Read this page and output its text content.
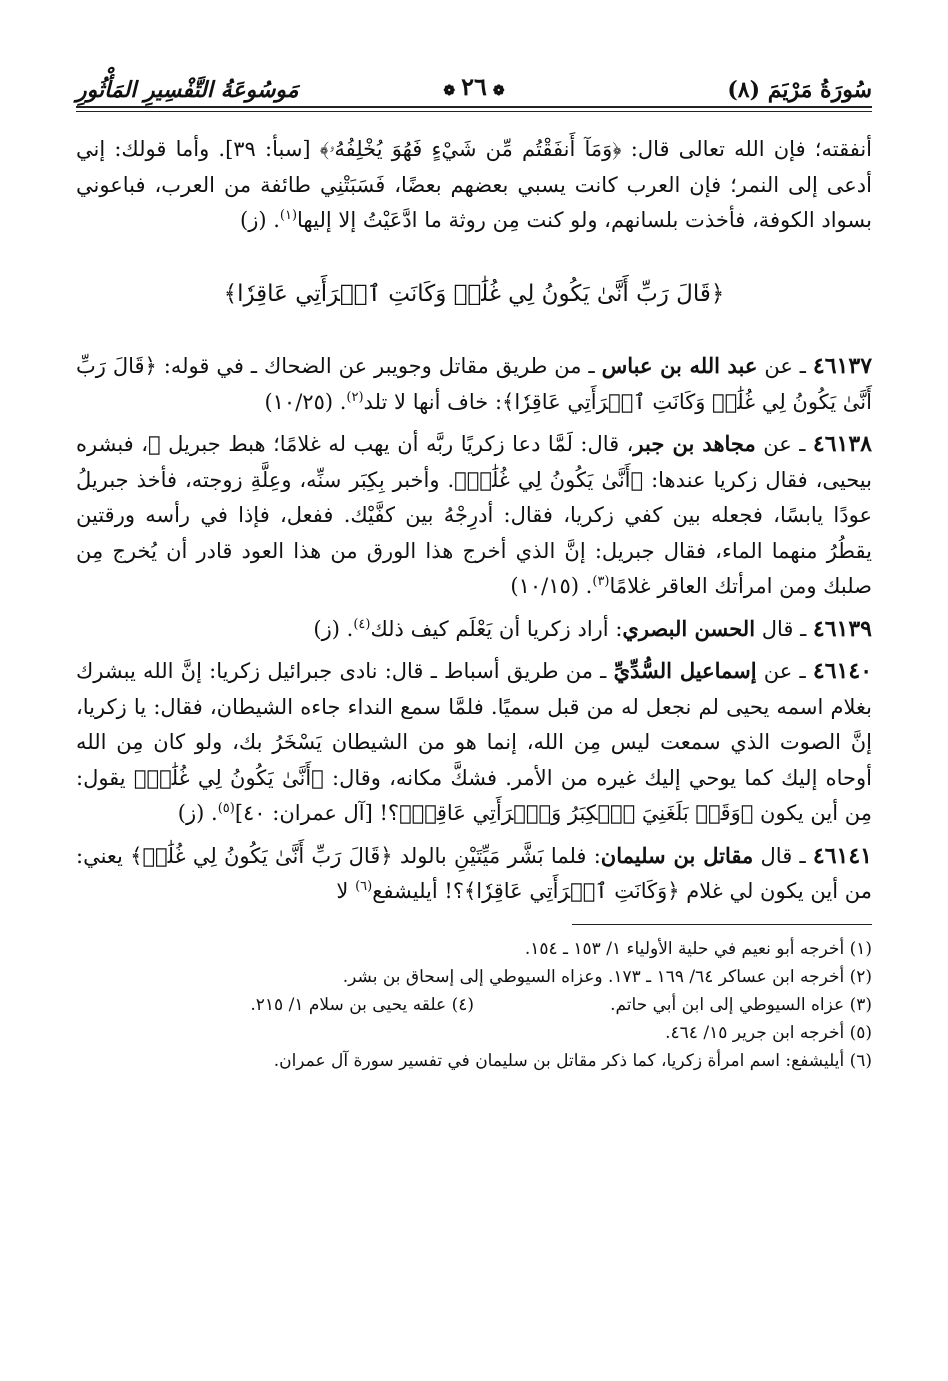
سُورَةُ مَرْيَمَ (٨)
❁٢٦❁
مَوسُوعَةُ التَّفْسِيرِ المَأْثُورِ

أنفقته؛ فإن الله تعالى قال: ﴿وَمَآ أَنفَقْتُم مِّن شَيْءٍ فَهُوَ يُخْلِفُهُۥ﴾ [سبأ: ٣٩]. وأما قولك: إني أدعى إلى النمر؛ فإن العرب كانت يسبي بعضهم بعضًا، فَسَبَتْنِي طائفة من العرب، فباعوني بسواد الكوفة، فأخذت بلسانهم، ولو كنت مِن روثة ما ادَّعَيْتُ إلا إليها$^{(١)}$. (ز)

﴿قَالَ رَبِّ أَنَّىٰ يَكُونُ لِي غُلَٰمٞ وَكَانَتِ ٱمۡرَأَتِي عَاقِرٗا﴾

٤٦١٣٧ ـ عن عبد الله بن عباس ـ من طريق مقاتل وجويبر عن الضحاك ـ في قوله: ﴿قَالَ رَبِّ أَنَّىٰ يَكُونُ لِي غُلَٰمٞ وَكَانَتِ ٱمۡرَأَتِي عَاقِرٗا﴾: خاف أنها لا تلد$^{(٢)}$. (١٠/٢٥)

٤٦١٣٨ ـ عن مجاهد بن جبر، قال: لَمَّا دعا زكريًا ربَّه أن يهب له غلامًا؛ هبط جبريل ﷺ، فبشره بيحيى، فقال زكريا عندها: ﴿أَنَّىٰ يَكُونُ لِي غُلَٰمٞ﴾. وأخبر بِكِبَر سنِّه، وعِلَّةِ زوجته، فأخذ جبريلُ عودًا يابسًا، فجعله بين كفي زكريا، فقال: أدرِجْهُ بين كفَّيْك. ففعل، فإذا في رأسه ورقتين يقطُرُ منهما الماء، فقال جبريل: إنَّ الذي أخرج هذا الورق من هذا العود قادر أن يُخرج مِن صلبك ومن امرأتك العاقر غلامًا$^{(٣)}$. (١٠/١٥)

٤٦١٣٩ ـ قال الحسن البصري: أراد زكريا أن يَعْلَم كيف ذلك$^{(٤)}$. (ز)

٤٦١٤٠ ـ عن إسماعيل السُّدِّيِّ ـ من طريق أسباط ـ قال: نادى جبرائيل زكريا: إنَّ الله يبشرك بغلام اسمه يحيى لم نجعل له من قبل سميًا. فلمَّا سمع النداء جاءه الشيطان، فقال: يا زكريا، إنَّ الصوت الذي سمعت ليس مِن الله، إنما هو من الشيطان يَسْخَرُ بك، ولو كان مِن الله أوحاه إليك كما يوحي إليك غيره من الأمر. فشكَّ مكانه، وقال: ﴿أَنَّىٰ يَكُونُ لِي غُلَٰمٞ﴾ يقول: مِن أين يكون ﴿وَقَدۡ بَلَغَنِيَ ٱلۡكِبَرُ وَٱمۡرَأَتِي عَاقِرٞ﴾؟! [آل عمران: ٤٠]$^{(٥)}$. (ز)

٤٦١٤١ ـ قال مقاتل بن سليمان: فلما بَشَّر مَيِّتَيْنِ بالولد ﴿قَالَ رَبِّ أَنَّىٰ يَكُونُ لِي غُلَٰمٞ﴾ يعني: من أين يكون لي غلام ﴿وَكَانَتِ ٱمۡرَأَتِي عَاقِرٗا﴾؟! أيليشفع$^{(٦)}$ لا

(١) أخرجه أبو نعيم في حلية الأولياء ١/ ١٥٣ ـ ١٥٤.
(٢) أخرجه ابن عساكر ٦٤/ ١٦٩ ـ ١٧٣. وعزاه السيوطي إلى إسحاق بن بشر.
(٣) عزاه السيوطي إلى ابن أبي حاتم.
(٤) علقه يحيى بن سلام ١/ ٢١٥.
(٥) أخرجه ابن جرير ١٥/ ٤٦٤.
(٦) أيليشفع: اسم امرأة زكريا، كما ذكر مقاتل بن سليمان في تفسير سورة آل عمران.
